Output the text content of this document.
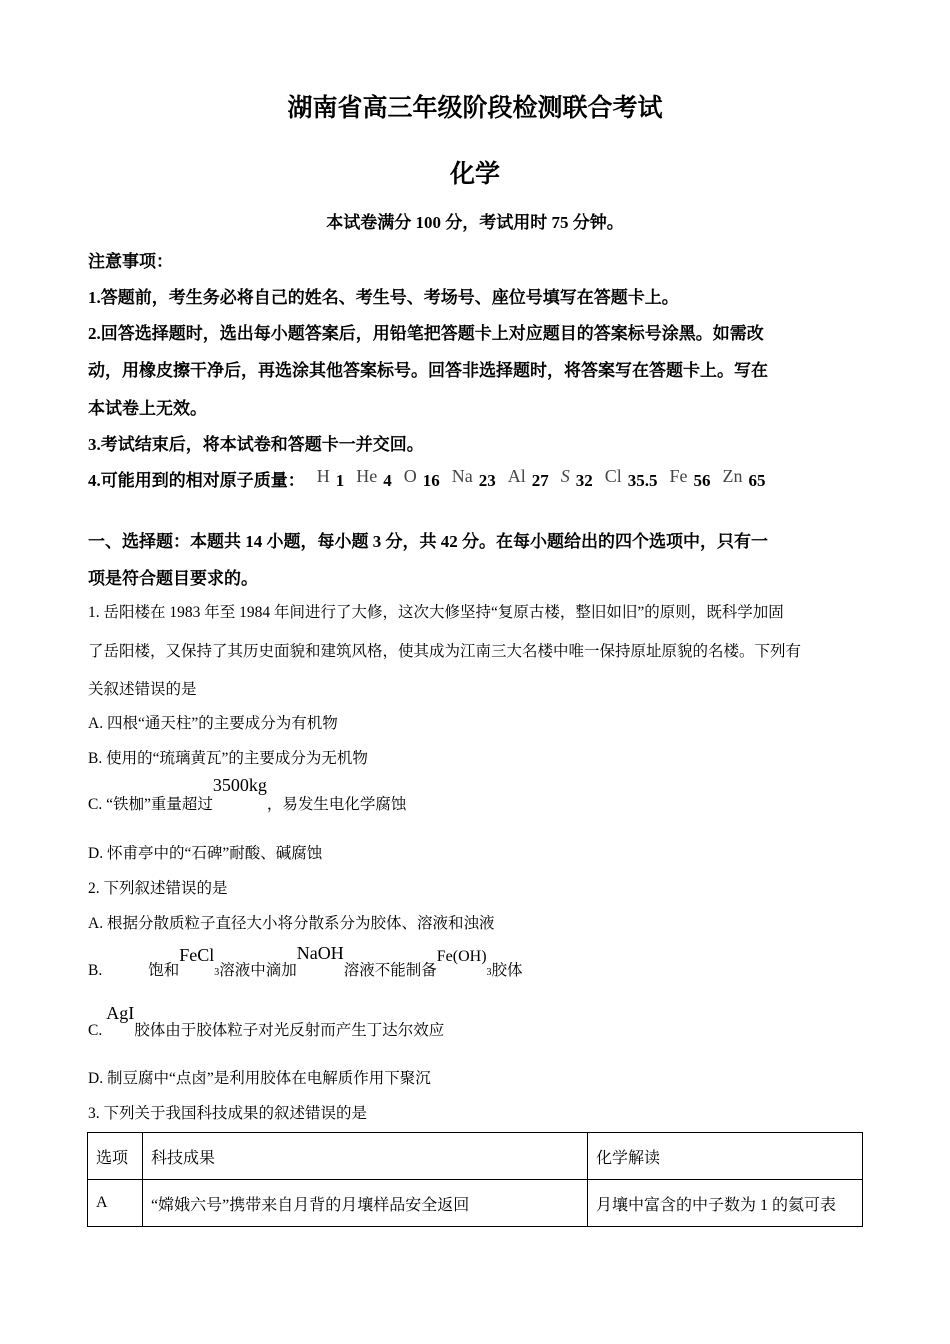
湖南省高三年级阶段检测联合考试
化学
本试卷满分 100 分，考试用时 75 分钟。
注意事项：
1.答题前，考生务必将自己的姓名、考生号、考场号、座位号填写在答题卡上。
2.回答选择题时，选出每小题答案后，用铅笔把答题卡上对应题目的答案标号涂黑。如需改
动，用橡皮擦干净后，再选涂其他答案标号。回答非选择题时，将答案写在答题卡上。写在
本试卷上无效。
3.考试结束后，将本试卷和答题卡一并交回。
4.可能用到的相对原子质量： H 1 He 4 O 16 Na 23 Al 27 S 32 Cl 35.5 Fe 56 Zn 65
一、选择题：本题共 14 小题，每小题 3 分，共 42 分。在每小题给出的四个选项中，只有一
项是符合题目要求的。
1. 岳阳楼在 1983 年至 1984 年间进行了大修，这次大修坚持“复原古楼，整旧如旧”的原则，既科学加固
了岳阳楼，又保持了其历史面貌和建筑风格，使其成为江南三大名楼中唯一保持原址原貌的名楼。下列有
关叙述错误的是
A. 四根“通天柱”的主要成分为有机物
B. 使用的“琉璃黄瓦”的主要成分为无机物
C. “铁枷”重量超过3500kg，易发生电化学腐蚀
D. 怀甫亭中的“石碑”耐酸、碱腐蚀
2. 下列叙述错误的是
A. 根据分散质粒子直径大小将分散系分为胶体、溶液和浊液
B.	饱和FeCl$_3$溶液中滴加NaOH溶液不能制备$Fe(OH)_3$胶体
C.AgI胶体由于胶体粒子对光反射而产生丁达尔效应
D. 制豆腐中“点卤”是利用胶体在电解质作用下聚沉
3. 下列关于我国科技成果的叙述错误的是
选项	科技成果	化学解读
A	“嫦娥六号”携带来自月背的月壤样品安全返回	月壤中富含的中子数为 1 的氦可表
